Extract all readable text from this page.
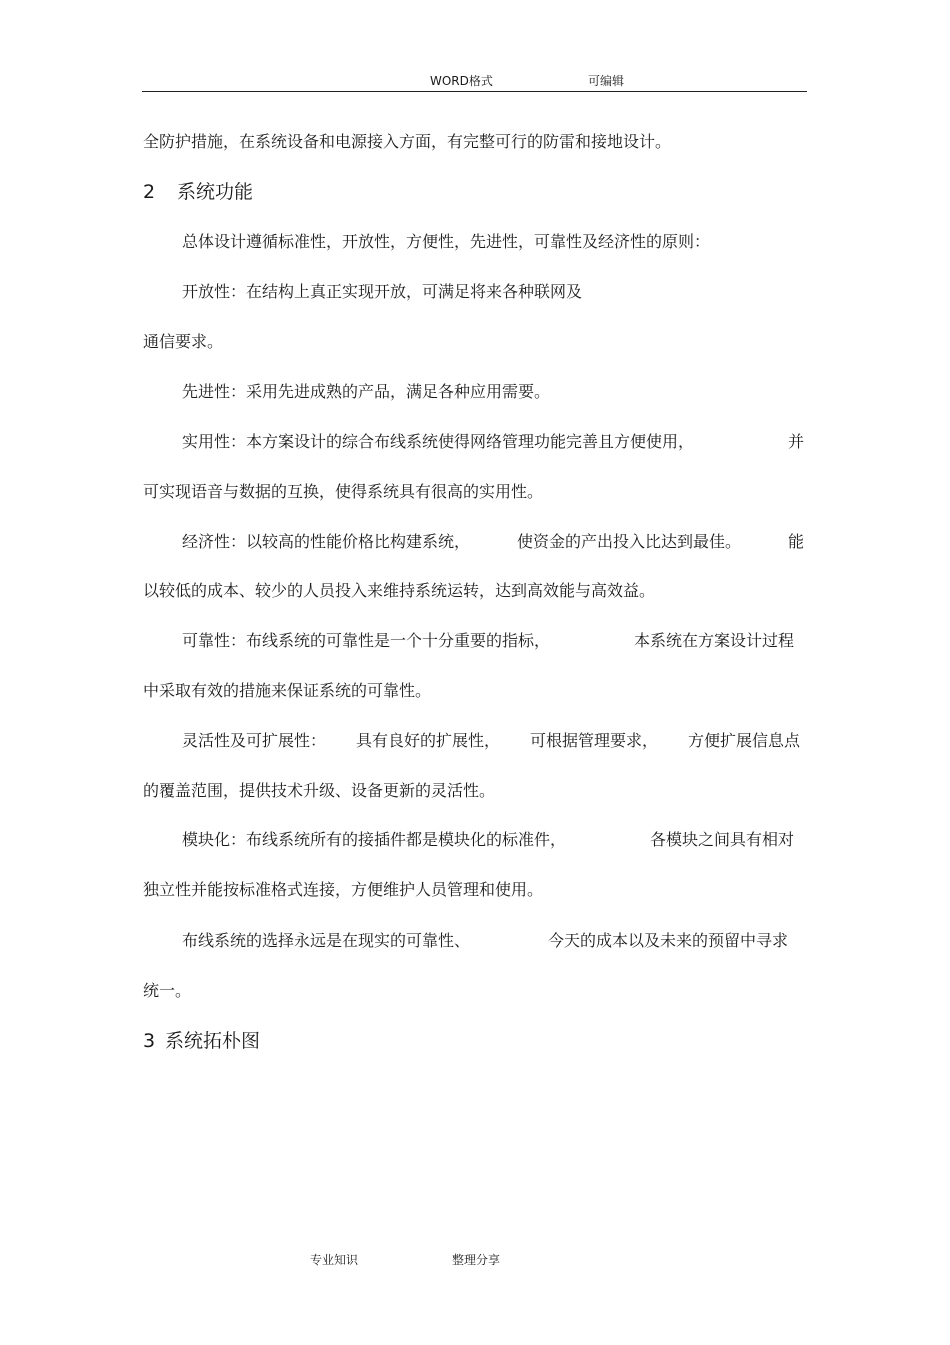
WORD格式	可编辑
全防护措施，在系统设备和电源接入方面，有完整可行的防雷和接地设计。
2 系统功能
总体设计遵循标准性，开放性，方便性，先进性，可靠性及经济性的原则：
开放性：在结构上真正实现开放，可满足将来各种联网及
通信要求。
先进性：采用先进成熟的产品，满足各种应用需要。
实用性：本方案设计的综合布线系统使得网络管理功能完善且方便使用，	并
可实现语音与数据的互换，使得系统具有很高的实用性。
经济性：以较高的性能价格比构建系统，	使资金的产出投入比达到最佳。	能
以较低的成本、较少的人员投入来维持系统运转，达到高效能与高效益。
可靠性：布线系统的可靠性是一个十分重要的指标，	本系统在方案设计过程
中采取有效的措施来保证系统的可靠性。
灵活性及可扩展性： 具有良好的扩展性， 可根据管理要求， 方便扩展信息点
的覆盖范围，提供技术升级、设备更新的灵活性。
模块化：布线系统所有的接插件都是模块化的标准件，	各模块之间具有相对
独立性并能按标准格式连接，方便维护人员管理和使用。
布线系统的选择永远是在现实的可靠性、	今天的成本以及未来的预留中寻求
统一。
3 系统拓朴图
专业知识	整理分享
